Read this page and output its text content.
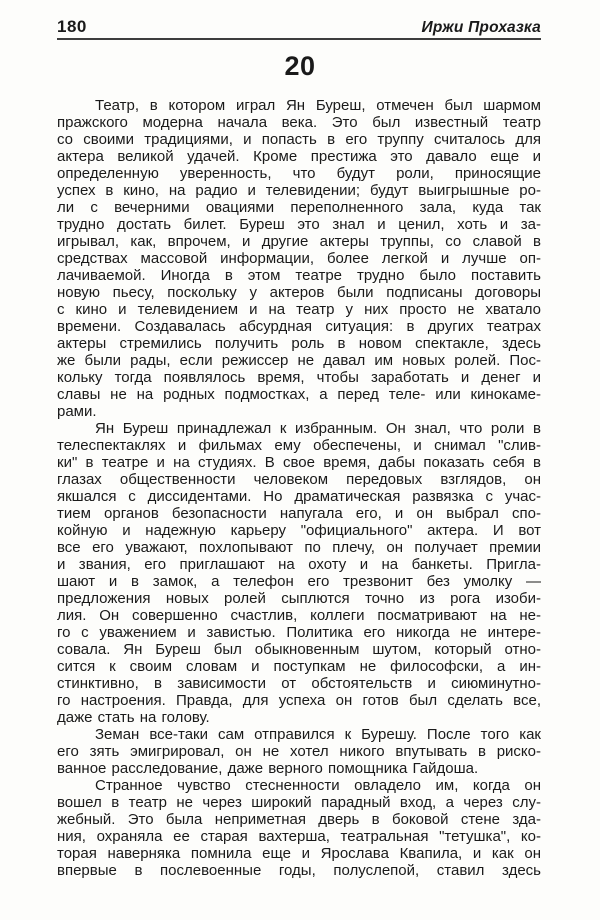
180	Иржи Прохазка
20
Театр, в котором играл Ян Буреш, отмечен был шармом
пражского модерна начала века. Это был известный театр
со своими традициями, и попасть в его труппу считалось для
актера великой удачей. Кроме престижа это давало еще и
определенную уверенность, что будут роли, приносящие
успех в кино, на радио и телевидении; будут выигрышные ро-
ли с вечерними овациями переполненного зала, куда так
трудно достать билет. Буреш это знал и ценил, хоть и за-
игрывал, как, впрочем, и другие актеры труппы, со славой в
средствах массовой информации, более легкой и лучше оп-
лачиваемой. Иногда в этом театре трудно было поставить
новую пьесу, поскольку у актеров были подписаны договоры
с кино и телевидением и на театр у них просто не хватало
времени. Создавалась абсурдная ситуация: в других театрах
актеры стремились получить роль в новом спектакле, здесь
же были рады, если режиссер не давал им новых ролей. Пос-
кольку тогда появлялось время, чтобы заработать и денег и
славы не на родных подмостках, а перед теле- или кинокаме-
рами.
Ян Буреш принадлежал к избранным. Он знал, что роли в
телеспектаклях и фильмах ему обеспечены, и снимал "слив-
ки" в театре и на студиях. В свое время, дабы показать себя в
глазах общественности человеком передовых взглядов, он
якшался с диссидентами. Но драматическая развязка с учас-
тием органов безопасности напугала его, и он выбрал спо-
койную и надежную карьеру "официального" актера. И вот
все его уважают, похлопывают по плечу, он получает премии
и звания, его приглашают на охоту и на банкеты. Пригла-
шают и в замок, а телефон его трезвонит без умолку —
предложения новых ролей сыплются точно из рога изоби-
лия. Он совершенно счастлив, коллеги посматривают на не-
го с уважением и завистью. Политика его никогда не интере-
совала. Ян Буреш был обыкновенным шутом, который отно-
сится к своим словам и поступкам не философски, а ин-
стинктивно, в зависимости от обстоятельств и сиюминутно-
го настроения. Правда, для успеха он готов был сделать все,
даже стать на голову.
Земан все-таки сам отправился к Бурешу. После того как
его зять эмигрировал, он не хотел никого впутывать в риско-
ванное расследование, даже верного помощника Гайдоша.
Странное чувство стесненности овладело им, когда он
вошел в театр не через широкий парадный вход, а через слу-
жебный. Это была неприметная дверь в боковой стене зда-
ния, охраняла ее старая вахтерша, театральная "тетушка", ко-
торая наверняка помнила еще и Ярослава Квапила, и как он
впервые в послевоенные годы, полуслепой, ставил здесь
